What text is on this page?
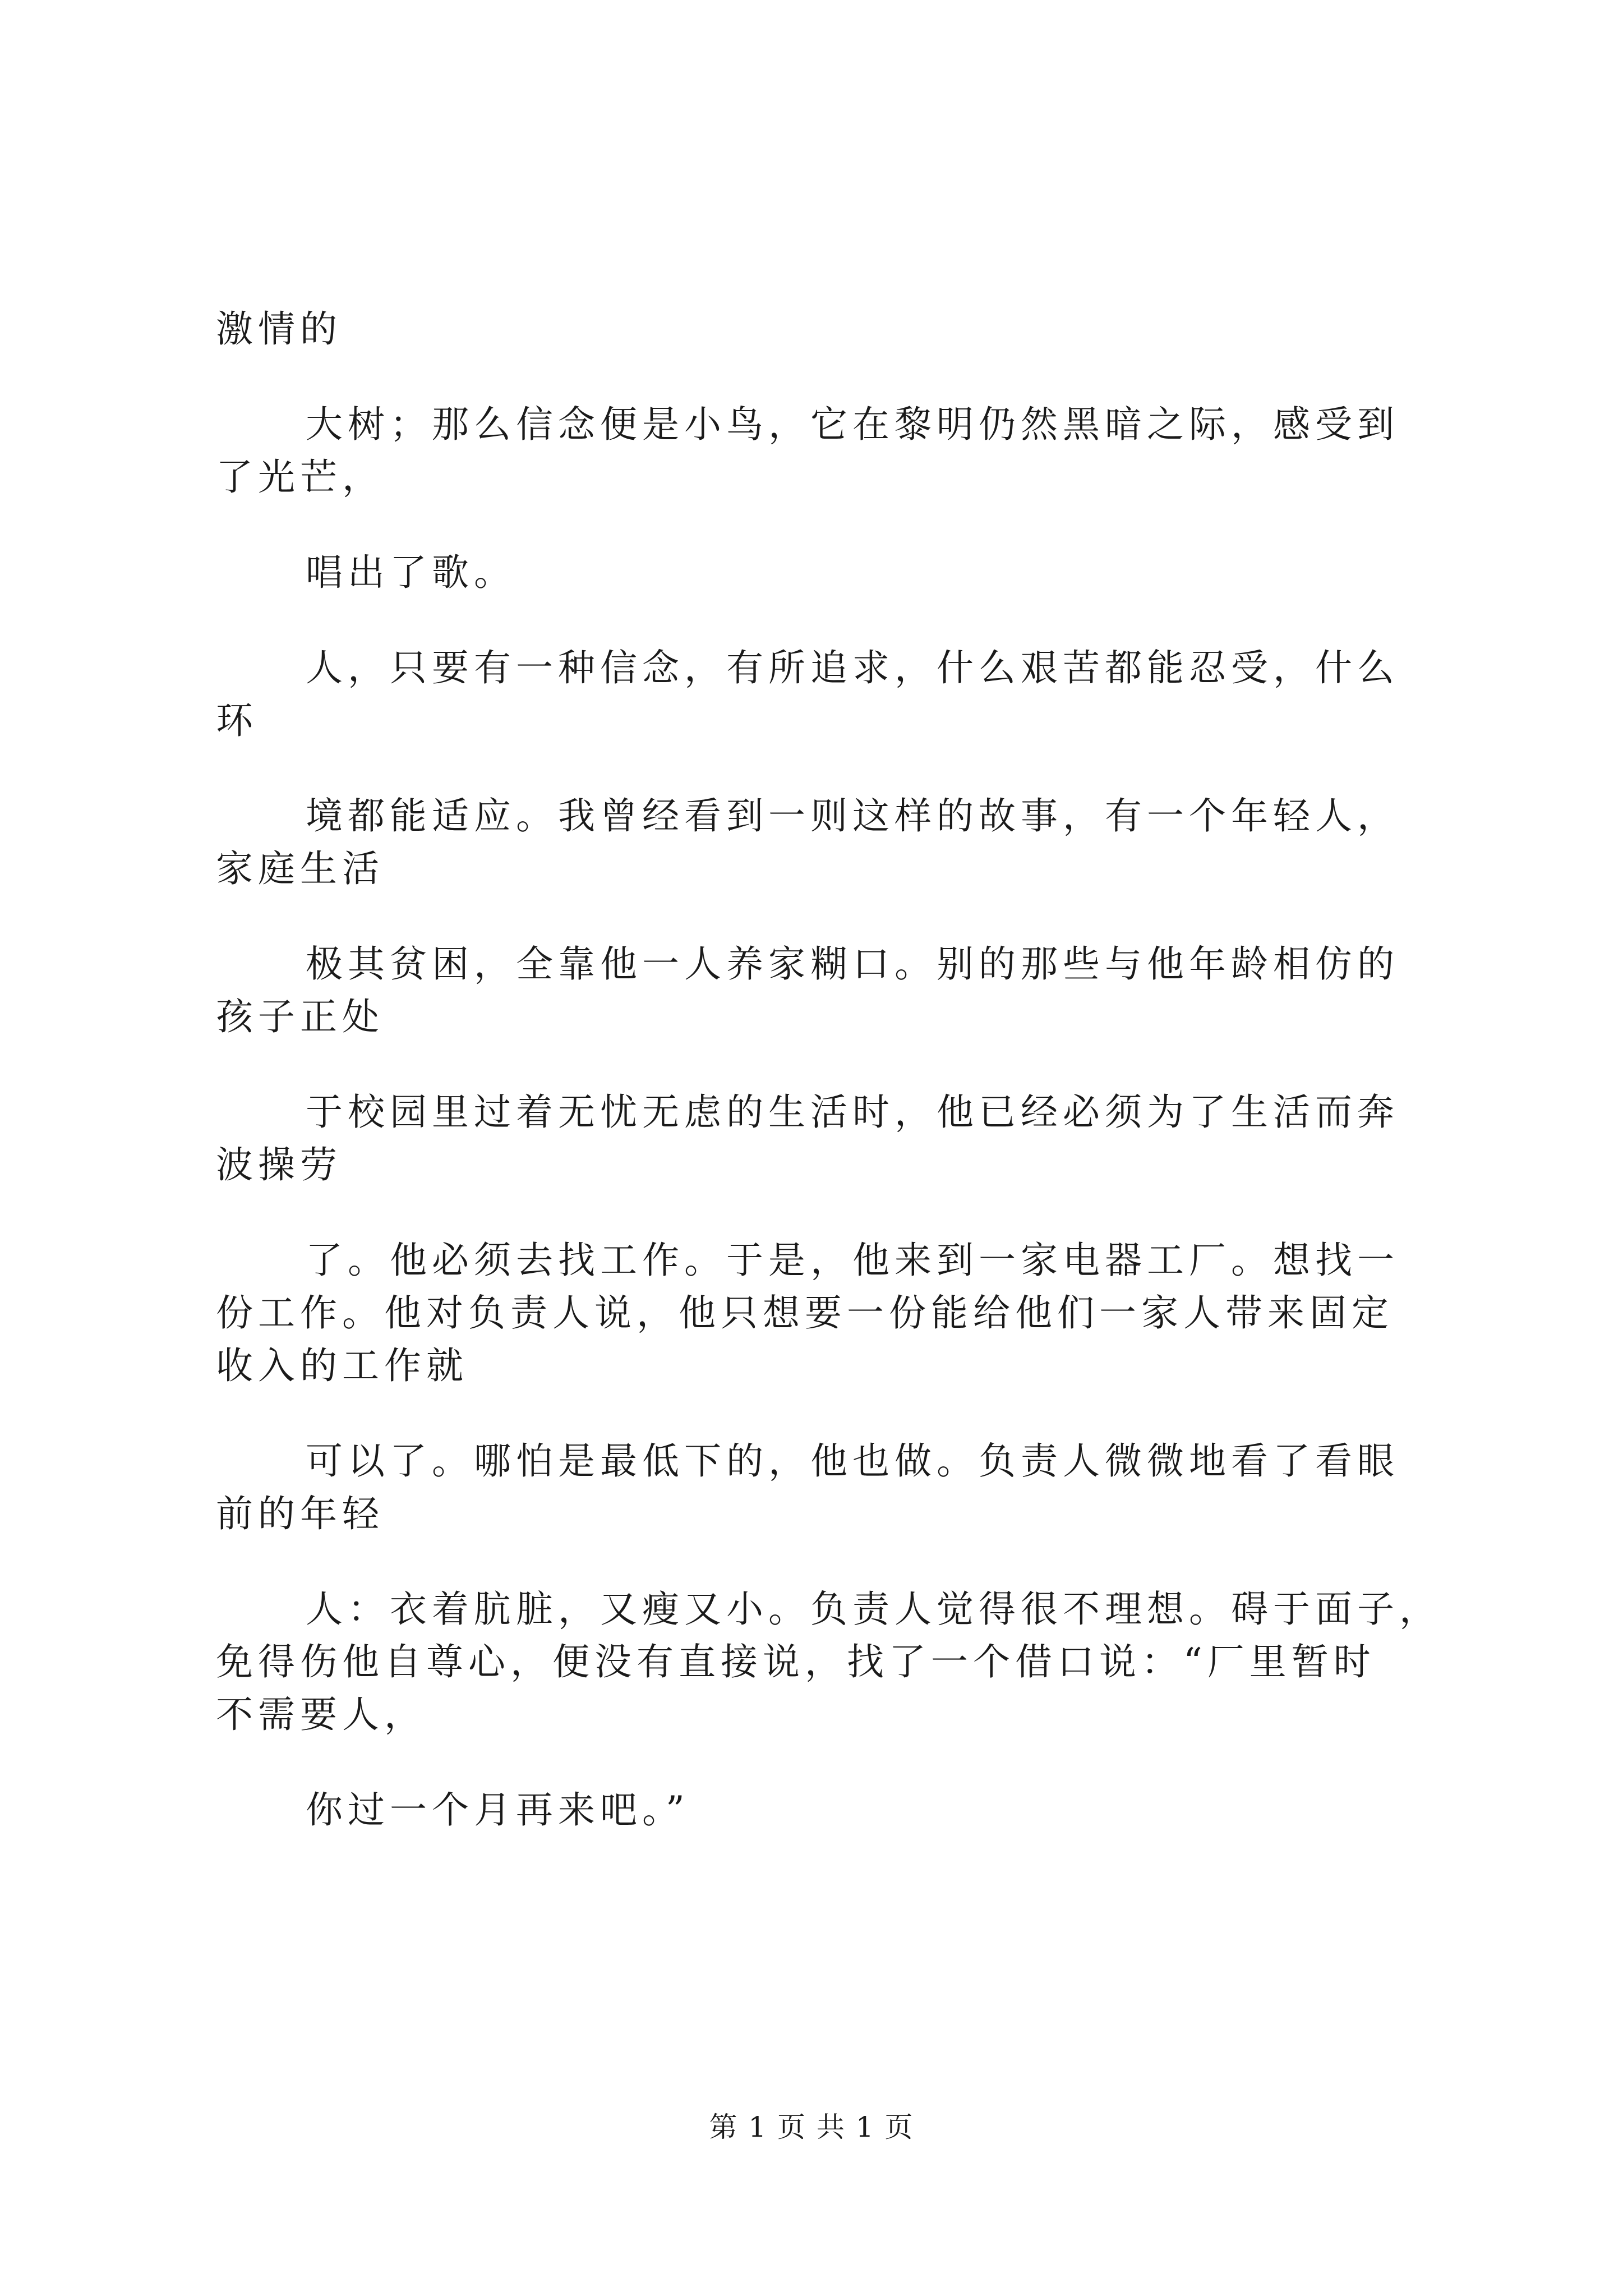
激情的

大树；那么信念便是小鸟，它在黎明仍然黑暗之际，感受到

了光芒，

唱出了歌。

人，只要有一种信念，有所追求，什么艰苦都能忍受，什么

环

境都能适应。我曾经看到一则这样的故事，有一个年轻人，

家庭生活

极其贫困，全靠他一人养家糊口。别的那些与他年龄相仿的

孩子正处

于校园里过着无忧无虑的生活时，他已经必须为了生活而奔

波操劳

了。他必须去找工作。于是，他来到一家电器工厂。想找一

份工作。他对负责人说，他只想要一份能给他们一家人带来固定

收入的工作就

可以了。哪怕是最低下的，他也做。负责人微微地看了看眼

前的年轻

人：衣着肮脏，又瘦又小。负责人觉得很不理想。碍于面子，

免得伤他自尊心，便没有直接说，找了一个借口说：“厂里暂时

不需要人，

你过一个月再来吧。”

第 1 页 共 1 页
